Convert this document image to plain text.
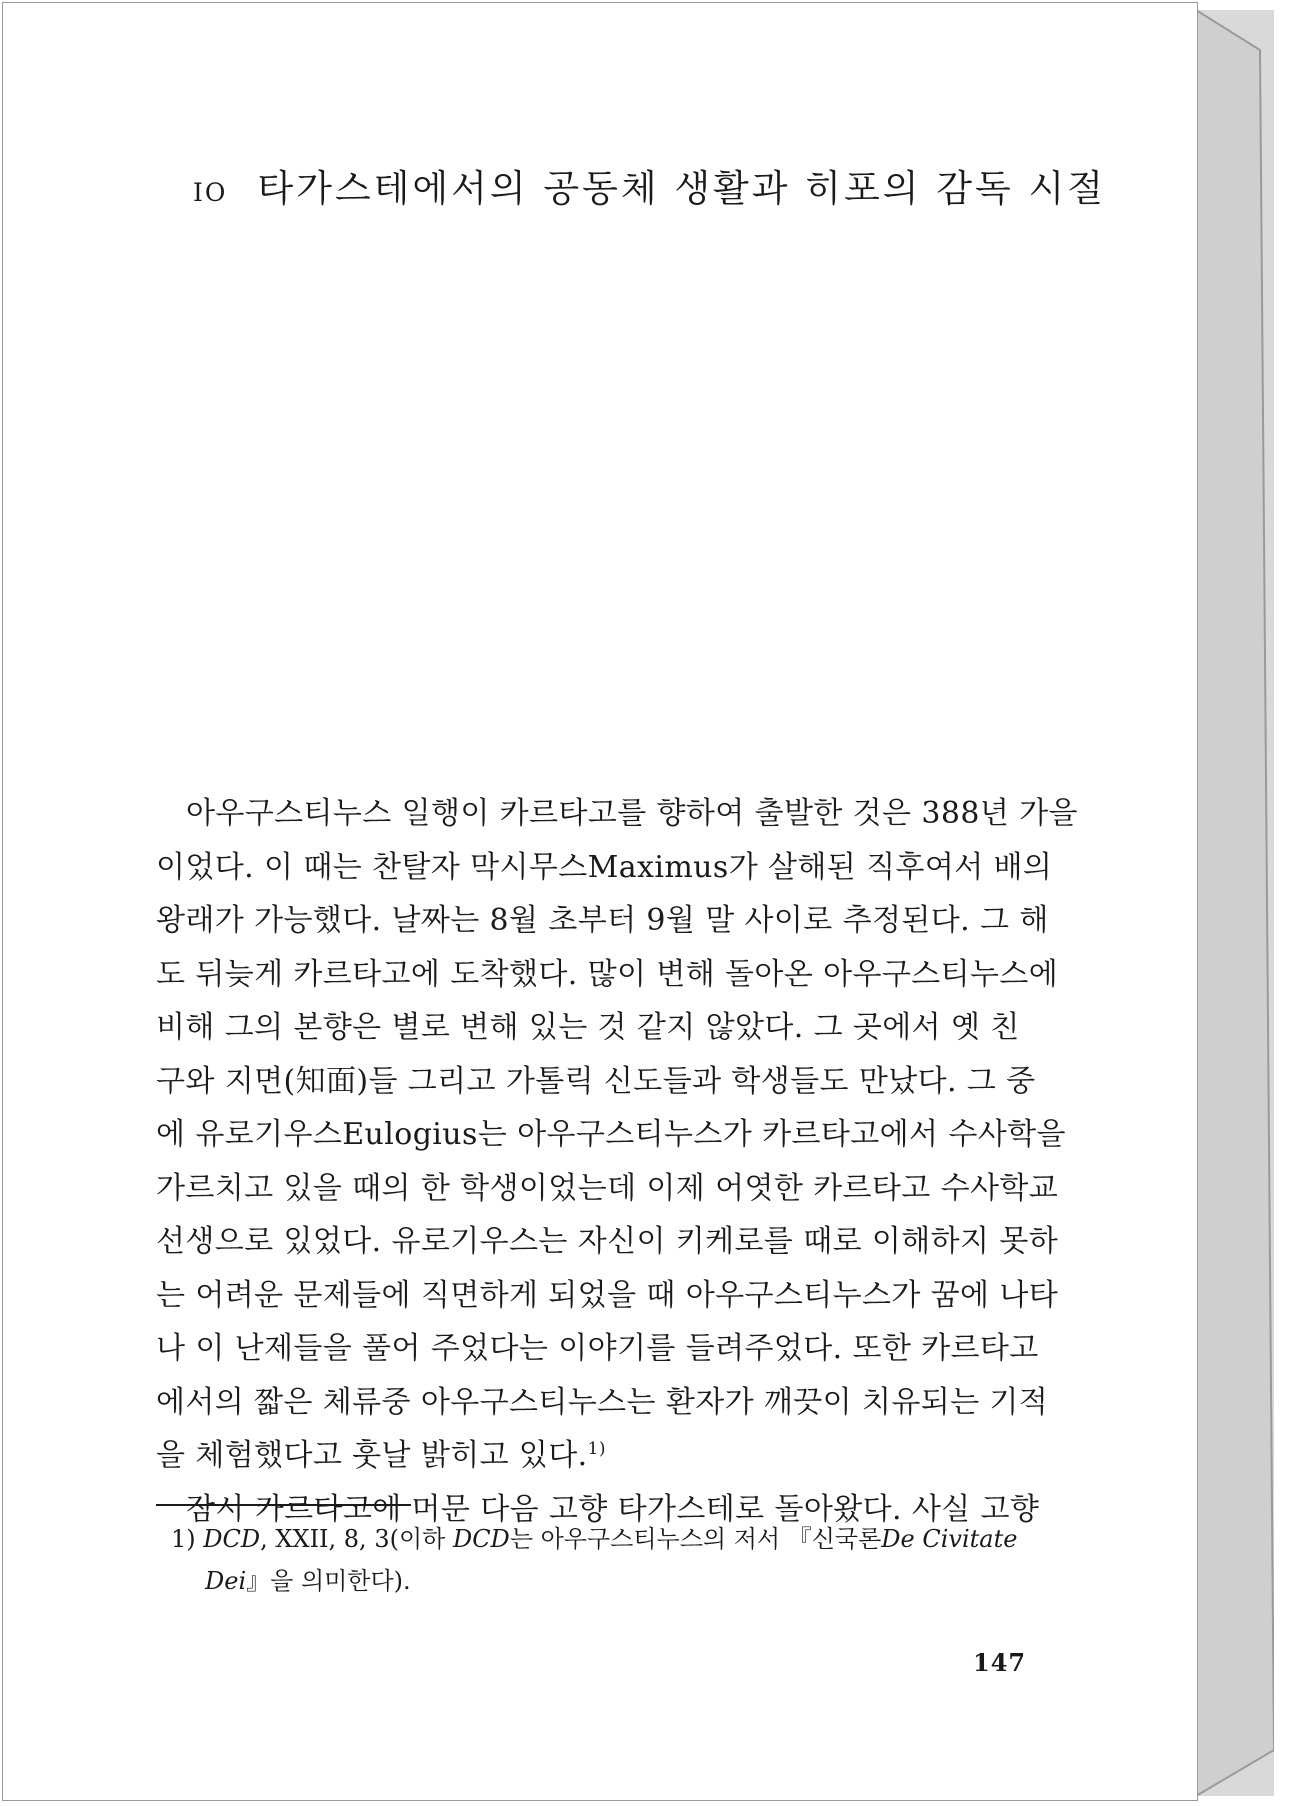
IO 타가스테에서의 공동체 생활과 히포의 감독 시절
아우구스티누스 일행이 카르타고를 향하여 출발한 것은 388년 가을
이었다. 이 때는 찬탈자 막시무스Maximus가 살해된 직후여서 배의
왕래가 가능했다. 날짜는 8월 초부터 9월 말 사이로 추정된다. 그 해
도 뒤늦게 카르타고에 도착했다. 많이 변해 돌아온 아우구스티누스에
비해 그의 본향은 별로 변해 있는 것 같지 않았다. 그 곳에서 옛 친
구와 지면(知面)들 그리고 가톨릭 신도들과 학생들도 만났다. 그 중
에 유로기우스Eulogius는 아우구스티누스가 카르타고에서 수사학을
가르치고 있을 때의 한 학생이었는데 이제 어엿한 카르타고 수사학교
선생으로 있었다. 유로기우스는 자신이 키케로를 때로 이해하지 못하
는 어려운 문제들에 직면하게 되었을 때 아우구스티누스가 꿈에 나타
나 이 난제들을 풀어 주었다는 이야기를 들려주었다. 또한 카르타고
에서의 짧은 체류중 아우구스티누스는 환자가 깨끗이 치유되는 기적
을 체험했다고 훗날 밝히고 있다.$^{1)}$
잠시 카르타고에 머문 다음 고향 타가스테로 돌아왔다. 사실 고향
1) DCD, XXII, 8, 3(이하 DCD는 아우구스티누스의 저서 『신국론De Civitate
Dei』을 의미한다).
147
